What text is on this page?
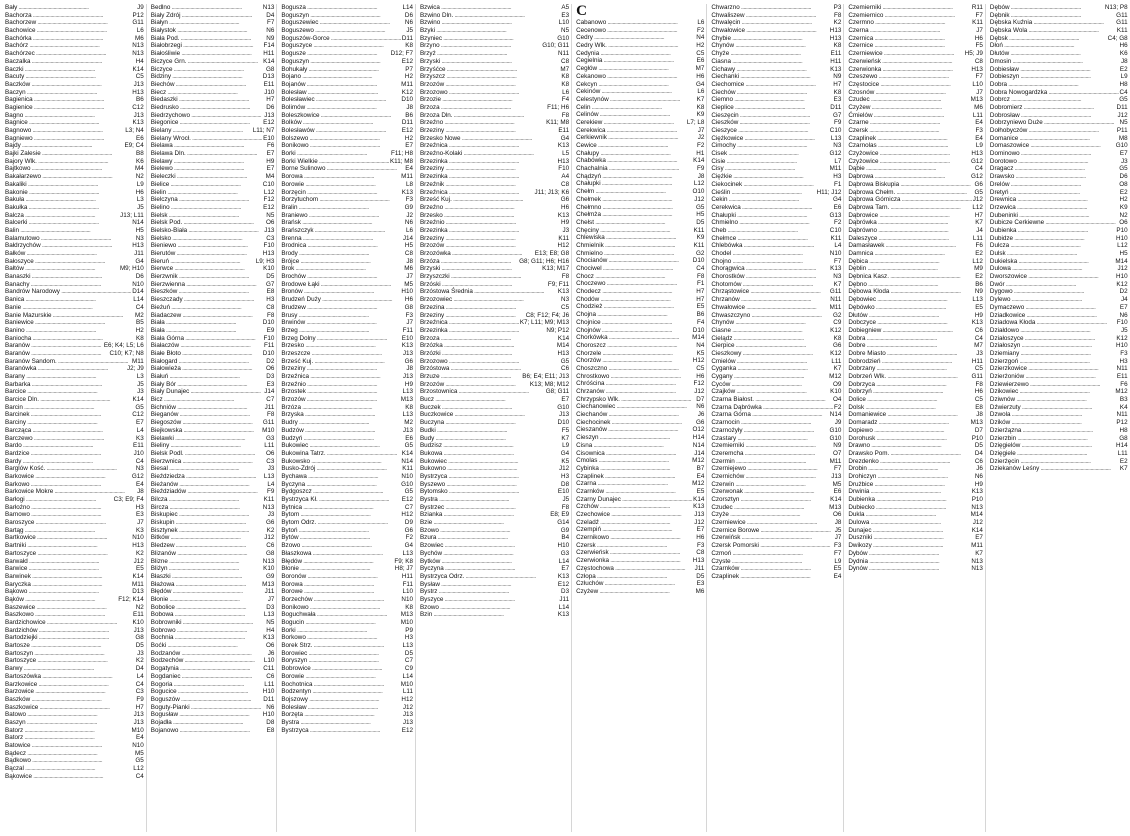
Bały .....	J9
Bachorza .....	P12
Bachorzew .....	G11
Bachowice .....	L6
Bachórka .....	M6
Bachórz .....	N13
Bachórzec .....	N13
Baczalka .....	H4
Baczki .....	K14
Bacuty .....	C5
Baczków .....	J13
Baczyn .....	H13
Bagienica .....	B6
Bagienice .....	C12
Bagno .....	J13
Bagnice .....	K13
Bagnowo .....	L3; N4
Bagniewo .....	E6
Bajdy .....	E9; C4
Bajki Zalesie .....	B8
Bajory Wlk. .....	K6
Bajtkowo .....	M4
Bakałarzewo .....	N2
Bakaliki .....	L9
Bakonie .....	H6
Bakuła .....	L3
Bakułka .....	J5
Balcza .....	J13; L11
Balcerki .....	N14
Balin .....	H5
Balamutowo .....	N3
Bałdrzychów .....	H13
Bałków .....	J11
Bałoszyce .....	G4
Bałtów .....	M9; H10
Banaszki .....	D6
Banachy .....	N10
Bandrów Narodowy .....	D14
Banica .....	L14
Banie .....	C4
Banie Mazurskie .....	M2
Baniewice .....	B5
Banino .....	H2
Baniocha .....	K8
Baranów .....	E6; K4; L5; L6
Baranów .....	C10; K7; N8
Baranów Sandom. .....	M11
Baranówka .....	J2; J9
Barany .....	L3
Barbarka .....	J5
Barcice .....	J3
Barcice Dln. .....	K14
Barcin .....	G5
Barcinek .....	C12
Barciny .....	E7
Barcząca .....	L4
Barczewo .....	K3
Bardo .....	E11
Bardzice .....	J10
Bardy .....	C4
Barglów Kość. .....	N3
Barkowice .....	G12
Barkowo .....	E4
Barkowice Mokre .....	J8
Barłogi .....	C3; E9; F4
Barłożno .....	H3
Barnowo .....	E3
Baroszyce .....	J7
Bartąg .....	K3
Bartkowice .....	N10
Bartniki .....	H13
Bartoszyce .....	K2
Barwałd .....	J12
Barwice .....	E5
Barwinek .....	K14
Baryczka .....	M11
Bąkowo .....	D13
Bąków .....	F12; K14
Baszewice .....	N2
Baszkowo .....	E11
Bardzichowice .....	K10
Bardzichów .....	J13
Bartodziejki .....	G8
Bartosze .....	D5
Bartoszyn .....	J3
Bartoszyce .....	K2
Barwy .....	D4
Bartoszówka .....	L4
Barzkowice .....	C4
Barzowice .....	C3
Baszków .....	F9
Baszkowice .....	H7
Batowo .....	J13
Baszyn .....	J13
Batorz .....	M10
Batorz .....	E4
Batowice .....	N10
Bądecz .....	M5
Bądkowo .....	G5
Bączal .....	L12
Bąkowice .....	C4
Bedlno .....	N13
Biały Zdrój .....	D4
Białyn .....	F7
Białystok .....	N6
Biała Pod. .....	N9
Białobrzegi .....	F14
Białośliwie .....	H11
Biczyce Grn. .....	K14
Biczyce .....	G8
Bidziny .....	D13
Biechów .....	E11
Biecz .....	J10
Biedaszki .....	H7
Biedrusko .....	D6
Biedrzychowo .....	J13
Biegonice .....	E12
Bielany .....	L11; N7
Bielany Wrocł. .....	E10
Bielawa .....	F6
Bielawa Dln. .....	E7
Bielawy .....	H9
Bielewo .....	E7
Bieleczki .....	M4
Bielice .....	C10
Bielin .....	L12
Bielczyna .....	F12
Bielino .....	E12
Bielsk .....	N5
Bielsk Pod. .....	O6
Bielsko-Biała .....	J13
Bielsko .....	C3
Bieniewo .....	F10
Bierutów .....	H13
Bieruń .....	L9; H3
Bierwce .....	K10
Bierzwnik .....	D5
Bierzwienna .....	G7
Bieszków .....	E8
Bieszczady .....	H3
Bieżuń .....	C8
Biadaczew .....	F8
Biała .....	D10
Biała .....	E9
Biała Górna .....	F10
Białaczów .....	F11
Białe Błoto .....	D10
Białogard .....	D2
Białowieża .....	O6
Białuń .....	D3
Biały Bór .....	E3
Biały Dunajec .....	J14
Bicz .....	C7
Bichniów .....	J11
Bieganów .....	F8
Biegoszów .....	G11
Biejkowska .....	M10
Bielawki .....	G3
Bieliny .....	L11
Bielsk Podl. .....	O6
Bierzwnica .....	C3
Biesal .....	J3
Bieździedza .....	L13
Bieżanów .....	L4
Bieździadów .....	F9
Bilcza .....	K11
Bircza .....	N13
Biskupiec .....	J3
Biskupin .....	G6
Bisztynek .....	K2
Bitków .....	J12
Bledzew .....	C6
Blizanów .....	G8
Blizne .....	N13
Bliżyn .....	K10
Błaszki .....	G9
Błażowa .....	M13
Błędów .....	J11
Błonie .....	J7
Bobolice .....	D3
Bobowa .....	L13
Bobrowniki .....	N5
Bobrowo .....	H4
Bochnia .....	K13
Boćki .....	O6
Bodzanów .....	J6
Bodzechów .....	L10
Bogatynia .....	C11
Bogdaniec .....	C6
Bogoria .....	L11
Bogucice .....	H10
Boguszów .....	D11
Boguty-Pianki .....	N6
Bogusław .....	H10
Bojadła .....	D8
Bojanowo .....	E8
Bogusza .....	L14
Boguszyn .....	D6
Boguszewiec .....	N6
Boguszewo .....	J5
Boguszów-Gorce .....	D11
Boguszyce .....	K8
Bogusze .....	D12; F7
Boguszyn .....	E12
Bohukały .....	P7
Bojano .....	H2
Bojanów .....	M11
Bolesław .....	K12
Bolesławiec .....	D10
Bolimów .....	J8
Boleszkowice .....	B6
Bolków .....	D11
Bolesławów .....	E12
Bolszewo .....	H2
Bonikowo .....	E7
Borki .....	F11; H8
Borki Wielkie .....	K11; M8
Borne Sulinowo .....	E4
Borowa .....	M11
Borowie .....	L8
Borzęcin .....	K13
Borzytuchom .....	F3
Bralin .....	G9
Braniewo .....	J2
Brańsk .....	N6
Brańszczyk .....	L6
Brenna .....	J14
Brodnica .....	H5
Brody .....	C8
Brójce .....	J8
Brok .....	M6
Brochów .....	J7
Brodowe Łąki .....	M5
Bronów .....	H10
Brudzeń Duży .....	H6
Brudzew .....	G8
Brusy .....	F3
Brwinów .....	J7
Brzeg .....	F11
Brzeg Dolny .....	E10
Brzesko .....	K13
Brzeszcze .....	J13
Brześć Kuj. .....	G6
Brzeziny .....	J8
Brzeźnica .....	J13
Brzeźnio .....	H9
Brzostek .....	L13
Brzozów .....	M13
Brzóza .....	K8
Brzyska .....	L13
Budry .....	M2
Budzów .....	J13
Budzyń .....	E6
Bukowiec .....	G5
Bukowina Tatrz. .....	K14
Bukowsko .....	N14
Busko-Zdrój .....	K11
Bychawa .....	N10
Byczyna .....	G10
Bydgoszcz .....	G5
Bystrzyca Kł. .....	E12
Bytnica .....	C7
Bytom .....	H12
Bytom Odrz. .....	D9
Bytoń .....	G6
Bytów .....	F2
Bzowo .....	G4
Błaszkowa .....	L13
Błędów .....	F9; K8
Błonie .....	H8; J7
Boronów .....	H11
Borowa .....	F11
Borowe .....	L10
Borzechów .....	N10
Bonikowo .....	K8
Boguchwała .....	M13
Bogucin .....	M10
Borki .....	P9
Borkowo .....	H3
Borek Strz. .....	L13
Borowiec .....	D5
Boryszyn .....	C7
Bobrowice .....	C9
Borowie .....	L14
Bochotnica .....	M10
Bodzentyn .....	L11
Bojszowy .....	H12
Bolesław .....	J12
Borzęta .....	J13
Bystra .....	J13
Bystrzyca .....	E12
Bzwica .....	A5
Bzwino Dln. .....	E3
Bzwino .....	L10
Bzyki .....	N5
Bzyniec .....	G10
Brzyno .....	G10; G11
Brzyż .....	N11
Brzyski .....	C8
Brzyśćce .....	M7
Brzyszcz .....	K8
Brzozów .....	K8
Brzozowo .....	L6
Brzozie .....	F4
Brzoza .....	F11; H6
Brzoza Dln. .....	F8
Brzeźno .....	K11; M8
Brzeziny .....	E11
Brzesko Nowe .....	G4
Brzeźnica .....	K13
Brzeźno-Kolaki .....	L5
Brzezinka .....	H13
Brzeziny .....	F10
Brzezinka .....	A4
Brzeźnik .....	C8
Brzeźnica .....	J11; J13; K6
Brześć Kuj. .....	G6
Brzeźno .....	H6
Brzesko .....	K13
Brzeźnio .....	H9
Brzezinka .....	J3
Brzeziny .....	K11
Brzozów .....	H12
Brzozówka .....	E13; E8; G8
Brzóza .....	G8; G11; H6; H16
Brzyski .....	K13; M17
Brzyszczki .....	F8
Brzóski .....	F9; F11
Brzóstowa Średnia .....	K13
Brzozowiec .....	N3
Brzezina .....	C5
Brzeziny .....	C8; F12; F4; J6
Brzeźnica .....	K7; L11; M9; M13
Brzezinka .....	N9; P12
Brzoza .....	K14
Brzózka .....	M14
Brzózki .....	H13
Brzozowo .....	G5
Brzóstowa .....	C6
Brzuze .....	B6; E4; E11; J13
Brzozów .....	K13; M8; M12
Brzostownica .....	G8; G11
Bucz .....	E7
Buczek .....	G10
Buczkowice .....	J13
Buczyna .....	D10
Budki .....	F5
Budy .....	K7
Budzisz .....	L9
Bukowa .....	G4
Bukowiec .....	K5
Bukowno .....	J12
Bystrzyca .....	H3
Byszewo .....	D8
Bytomsko .....	E10
Bystra .....	J5
Bystrzec .....	F8
Bzianka .....	E8; E9
Bzie .....	G14
Bzowo .....	G9
Bzura .....	B4
Bzowiec .....	H10
Bychów .....	G3
Bytków .....	L14
Byczyna .....	E7
Bystrzyca Odrz. .....	K13
Bysław .....	E12
Bystrz .....	D3
Byszyce .....	J11
Bzowo .....	L14
Bzin .....	K13
C
Cabanowo .....	L6
Cecenowo .....	F2
Cedry .....	N4
Cedry Wlk. .....	H2
Cedynia .....	C5
Cegielnia .....	E6
Cegłów .....	M7
Cekanowo .....	H6
Cekcyn .....	G4
Cekinów .....	L6
Celestynów .....	K7
Celin .....	K8
Celinów .....	K9
Cerekiew .....	L7; L8
Cerekwica .....	J7
Cerkiewnik .....	J2
Cewice .....	F2
Chałupy .....	H1
Chabówka .....	K14
Chachalnia .....	F9
Chądzyń .....	J8
Chałupki .....	L12
Chełm .....	O10
Chełmek .....	J12
Chełmno .....	G5
Chełmża .....	H5
Chełst .....	D5
Chęciny .....	K11
Chlewiska .....	K9
Chmielnik .....	K11
Chmielno .....	G2
Chocianów .....	D10
Chociwel .....	C4
Chocz .....	F8
Choczewo .....	F1
Chodecz .....	H7
Chodów .....	H7
Chodzież .....	E5
Chojna .....	B6
Chojnice .....	F4
Chojnów .....	D10
Chorkówka .....	M14
Choroszcz .....	N4
Chorzele .....	K5
Chorzów .....	H12
Choszczno .....	C5
Chrostkowo .....	H6
Chróścina .....	F12
Chrzanów .....	J12
Chrzypsko Wlk. .....	D7
Ciechanowiec .....	N6
Ciechanów .....	J6
Ciechocinek .....	G6
Cieszanów .....	O12
Cieszyn .....	H14
Cisna .....	N14
Cisownica .....	J14
Cmolas .....	M12
Cybinka .....	B7
Czaplinek .....	E4
Czarna .....	M12
Czarnków .....	E5
Czarny Dunajec .....	K14
Czchów .....	K13
Czechowice .....	J13
Czeladź .....	J12
Czempiń .....	E7
Czernikowo .....	H6
Czersk .....	F3
Czerwieńsk .....	C8
Czerwionka .....	H13
Częstochowa .....	J11
Człopa .....	D5
Człuchów .....	E3
Czyżew .....	M6
Chwarzno .....	P3
Chwaliszew .....	F8
Chwalęcin .....	K2
Chwałowice .....	H13
Chybie .....	H13
Chynów .....	K8
Chyże .....	E11
Ciasna .....	H11
Cichawy .....	K13
Ciechanki .....	N9
Ciechomice .....	H7
Ciechów .....	K8
Ciemno .....	E3
Cieplice .....	D11
Cieszęcin .....	G7
Cieszków .....	F9
Cieszyce .....	C10
Ciężkowice .....	L13
Cimochy .....	N3
Cisek .....	G12
Cisie .....	L7
Cisy .....	M11
Ciężkie .....	H3
Ciekocinek .....	F1
Cieślin .....	H11; J12
Cekin .....	G4
Cerekwica .....	E6
Chałupki .....	G13
Chmielno .....	F2
Cheb .....	C10
Chełmce .....	K11
Chlebówka .....	L4
Chodel .....	N10
Chojno .....	F7
Chorągwica .....	K13
Chorostków .....	N3
Chotomów .....	K7
Chrząstowice .....	G11
Chrzanów .....	N11
Chwałowice .....	M11
Chwaszczyno .....	G2
Chynów .....	C9
Ciasne .....	K12
Cielądz .....	K8
Cierpice .....	G6
Cieszkowy .....	K12
Cmielów .....	L11
Cyganka .....	K7
Cygany .....	M12
Cyców .....	O9
Czajków .....	K10
Czarna Białost. .....	O4
Czarna Dąbrówka .....	F2
Czarna Górna .....	N14
Czarnocin .....	J9
Czarnożyły .....	G10
Czastary .....	G10
Czemierniki .....	N9
Czeremcha .....	O7
Czermin .....	M11
Czerniejewo .....	F7
Czernichów .....	J13
Czerwin .....	M5
Czerwonak .....	E6
Czorsztyn .....	K14
Czudec .....	M13
Czyże .....	O6
Czerniewice .....	J8
Czernice Borowe .....	J5
Czerwińsk .....	J7
Czersk Pomorski .....	F3
Czmoń .....	F7
Czyste .....	L9
Czarnków .....	E5
Czaplinek .....	E4
Czemierniki .....	R11
Czemiernico .....	F7
Czermno .....	K11
Czerna .....	J7
Czernica .....	H6
Czernice .....	F5
Czerniewice .....	H5; J9
Czerwieńsk .....	C8
Czerwionka .....	H13
Czeszewo .....	F7
Częstocice .....	L10
Czosnów .....	J7
Czudec .....	M13
Czyżew .....	M6
Ćmielów .....	L11
Czarne .....	E4
Czersk .....	F3
Czaplinek .....	E4
Czarnolas .....	L9
Czyżowice .....	H13
Czyżowice .....	G12
Dąbie .....	C4
Dąbrowa .....	G12
Dąbrowa Biskupia .....	G6
Dąbrowa Chełm. .....	G5
Dąbrowa Górnicza .....	J12
Dąbrowa Tarn. .....	L12
Dąbrowice .....	H7
Dąbrówka .....	K7
Dąbrówno .....	J4
Daleszyce .....	L11
Damasławek .....	F6
Damnica .....	E2
Dębica .....	L12
Dęblin .....	M9
Dębnica Kasz. .....	E2
Dębno .....	B6
Dębowa Kłoda .....	N9
Dębowiec .....	L13
Dębówko .....	E5
Dłutów .....	H9
Dobczyce .....	K13
Dobiegniew .....	C6
Dobra .....	C4
Dobre .....	M7
Dobre Miasto .....	J3
Dobrodzień .....	H11
Dobrzany .....	C5
Dobrzeń Wlk. .....	G11
Dobrzyca .....	F8
Dobrzyń .....	H6
Dolice .....	C5
Dolsk .....	E8
Domaniewice .....	J8
Domaradz .....	M13
Dopiewo .....	D7
Dorohusk .....	P10
Drawno .....	D5
Drawsko Pom. .....	D4
Drezdenko .....	C6
Drobin .....	J6
Drohiczyn .....	N6
Drużbice .....	H9
Drwinia .....	K13
Dubienka .....	P10
Dubiecko .....	N13
Dukla .....	M14
Dulowa .....	J12
Dunajec .....	K14
Duszniki .....	E7
Dwikozy .....	M11
Dybów .....	K7
Dydnia .....	N13
Dynów .....	N13
Dębów .....	N13; P8
Dębnik .....	G11
Dębska Kuźnia .....	G11
Dębska Wola .....	K11
Dębsk .....	C4; G8
Dłoń .....	H6
Dłutów .....	K6
Dmosin .....	J8
Dobiesław .....	E2
Dobieszyn .....	L9
Dobra .....	H8
Dobra Nowogardzka .....	C4
Dobrcz .....	G5
Dobromierz .....	D11
Dobrosław .....	J12
Dobrzyniewo Duże .....	N5
Dołhobyczów .....	P11
Domanice .....	M8
Domaszowice .....	G10
Dominowo .....	E7
Dorotowo .....	J3
Dragacz .....	G5
Drawsko .....	D6
Drelów .....	O8
Dretyń .....	E2
Drewnica .....	H2
Drzewica .....	K9
Dubeninki .....	N2
Dubicze Cerkiewne .....	O6
Dubienka .....	P10
Dubidze .....	H10
Dulcza .....	L12
Dulsk .....	H5
Dukielska .....	M14
Dulowa .....	J12
Dworszowice .....	H10
Dwór .....	K12
Dygowo .....	D2
Dylewo .....	J4
Dymaczewo .....	E7
Dziadkowice .....	N6
Dziadowa Kłoda .....	F10
Działdowo .....	J5
Działoszyce .....	K12
Działoszyn .....	H10
Dziemiany .....	F3
Dzierzgoń .....	H3
Dzierzkowice .....	N11
Dzierżoniów .....	E11
Dziewierzewo .....	F6
Dzikowiec .....	M12
Dziwnów .....	B3
Dźwierzuty .....	K4
Dzwola .....	N11
Dzików .....	P12
Dzierżązna .....	H8
Dzierzbin .....	G8
Dzięgielów .....	H14
Dzięgiele .....	L11
Dzierżęcin .....	E2
Dziekanów Leśny .....	K7
